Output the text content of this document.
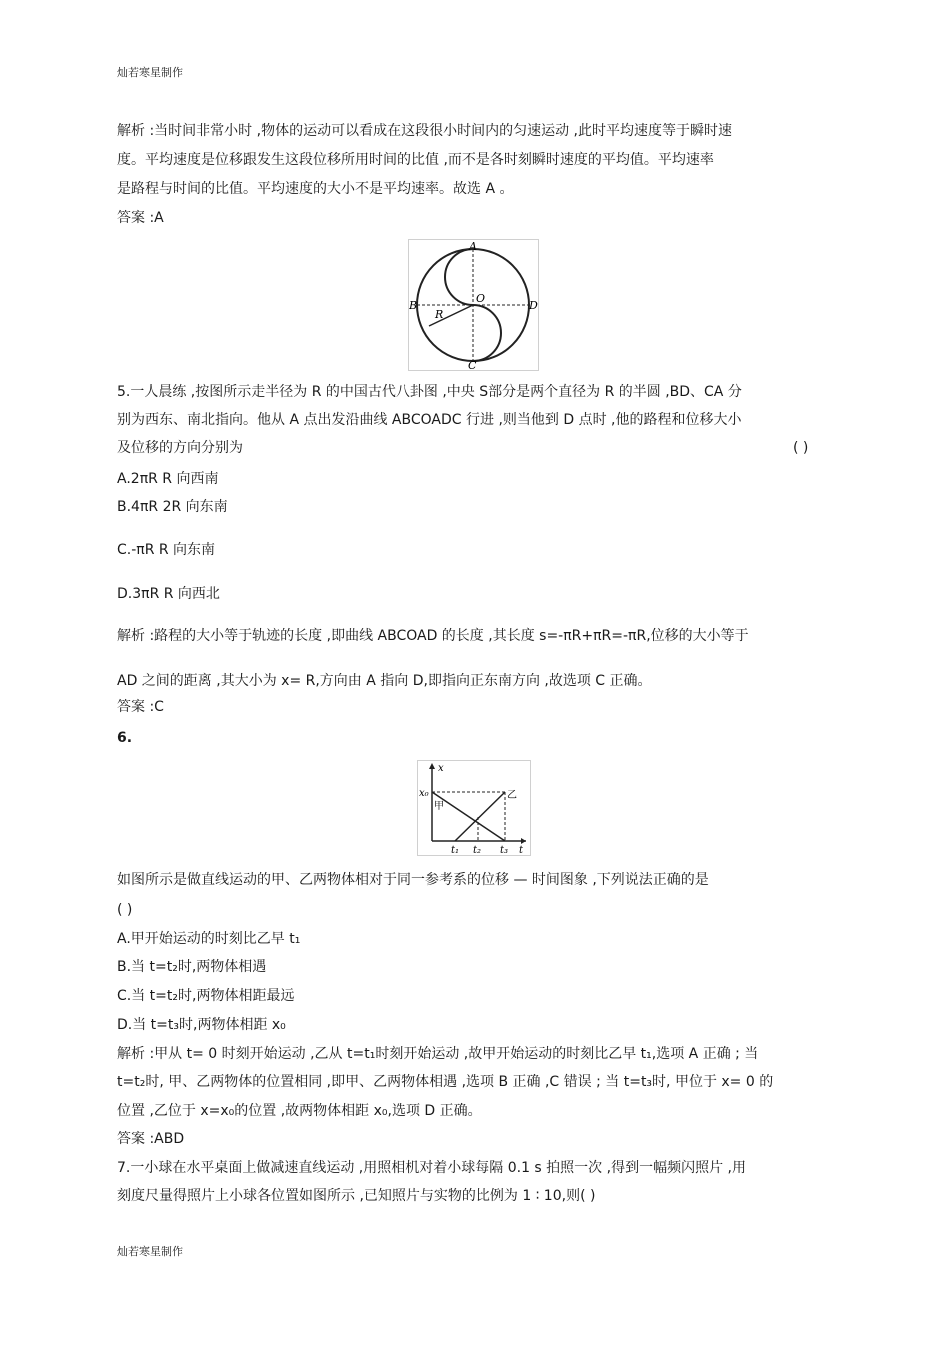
灿若寒星制作
解析 :当时间非常小时 ,物体的运动可以看成在这段很小时间内的匀速运动 ,此时平均速度等于瞬时速
度。平均速度是位移跟发生这段位移所用时间的比值 ,而不是各时刻瞬时速度的平均值。平均速率
是路程与时间的比值。平均速度的大小不是平均速率。故选 A 。
答案 :A
A
B
C
D
O
R
5.一人晨练 ,按图所示走半径为 R 的中国古代八卦图 ,中央 S部分是两个直径为 R 的半圆 ,BD、CA 分
别为西东、南北指向。他从 A 点出发沿曲线 ABCOADC 行进 ,则当他到 D 点时 ,他的路程和位移大小
及位移的方向分别为	( )
A.2πR R 向西南
B.4πR 2R 向东南
C.-πR R 向东南
D.3πR R 向西北
解析 :路程的大小等于轨迹的长度 ,即曲线 ABCOAD 的长度 ,其长度 s=-πR+πR=-πR,位移的大小等于
AD 之间的距离 ,其大小为 x= R,方向由 A 指向 D,即指向正东南方向 ,故选项 C 正确。
答案 :C
6.
x
x₀
甲
乙
t₁ t₂ t₃ t
如图所示是做直线运动的甲、乙两物体相对于同一参考系的位移 — 时间图象 ,下列说法正确的是
( )
A.甲开始运动的时刻比乙早 t₁
B.当 t=t₂时,两物体相遇
C.当 t=t₂时,两物体相距最远
D.当 t=t₃时,两物体相距 x₀
解析 :甲从 t= 0 时刻开始运动 ,乙从 t=t₁时刻开始运动 ,故甲开始运动的时刻比乙早 t₁,选项 A 正确 ; 当
t=t₂时, 甲、乙两物体的位置相同 ,即甲、乙两物体相遇 ,选项 B 正确 ,C 错误 ; 当 t=t₃时, 甲位于 x= 0 的
位置 ,乙位于 x=x₀的位置 ,故两物体相距 x₀,选项 D 正确。
答案 :ABD
7.一小球在水平桌面上做减速直线运动 ,用照相机对着小球每隔 0.1 s 拍照一次 ,得到一幅频闪照片 ,用
刻度尺量得照片上小球各位置如图所示 ,已知照片与实物的比例为 1 ∶ 10,则( )
灿若寒星制作
